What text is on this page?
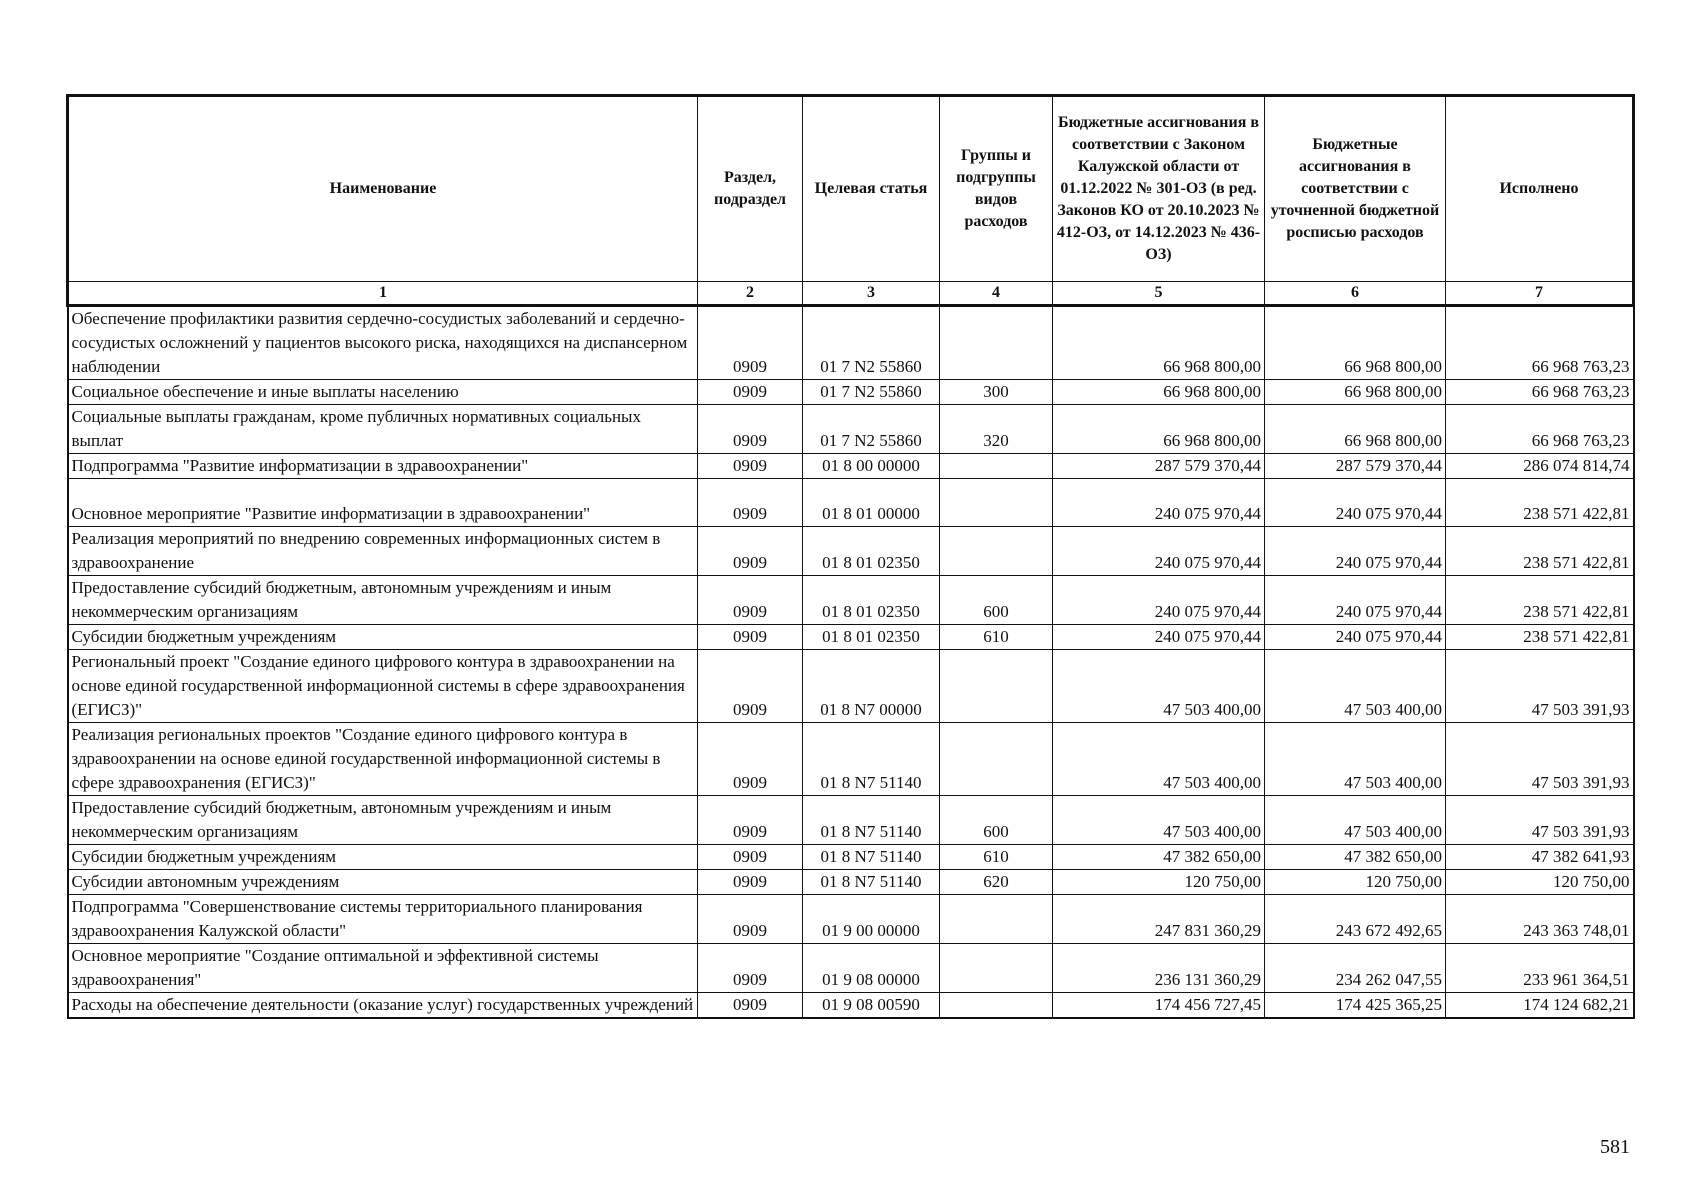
Наименование	Раздел, подраздел	Целевая статья	Группы и подгруппы видов расходов	Бюджетные ассигнования в соответствии с Законом Калужской области от 01.12.2022 № 301-ОЗ (в ред. Законов КО от 20.10.2023 № 412-ОЗ, от 14.12.2023 № 436-ОЗ)	Бюджетные ассигнования в соответствии с уточненной бюджетной росписью расходов	Исполнено
1	2	3	4	5	6	7
Обеспечение профилактики развития сердечно-сосудистых заболеваний и сердечно-сосудистых осложнений у пациентов высокого риска, находящихся на диспансерном наблюдении	0909	01 7 N2 55860		66 968 800,00	66 968 800,00	66 968 763,23
Социальное обеспечение и иные выплаты населению	0909	01 7 N2 55860	300	66 968 800,00	66 968 800,00	66 968 763,23
Социальные выплаты гражданам, кроме публичных нормативных социальных выплат	0909	01 7 N2 55860	320	66 968 800,00	66 968 800,00	66 968 763,23
Подпрограмма "Развитие информатизации в здравоохранении"	0909	01 8 00 00000		287 579 370,44	287 579 370,44	286 074 814,74
Основное мероприятие "Развитие информатизации в здравоохранении"	0909	01 8 01 00000		240 075 970,44	240 075 970,44	238 571 422,81
Реализация мероприятий по внедрению современных информационных систем в здравоохранение	0909	01 8 01 02350		240 075 970,44	240 075 970,44	238 571 422,81
Предоставление субсидий бюджетным, автономным учреждениям и иным некоммерческим организациям	0909	01 8 01 02350	600	240 075 970,44	240 075 970,44	238 571 422,81
Субсидии бюджетным учреждениям	0909	01 8 01 02350	610	240 075 970,44	240 075 970,44	238 571 422,81
Региональный проект "Создание единого цифрового контура в здравоохранении на основе единой государственной информационной системы в сфере здравоохранения (ЕГИСЗ)"	0909	01 8 N7 00000		47 503 400,00	47 503 400,00	47 503 391,93
Реализация региональных проектов "Создание единого цифрового контура в здравоохранении на основе единой государственной информационной системы в сфере здравоохранения (ЕГИСЗ)"	0909	01 8 N7 51140		47 503 400,00	47 503 400,00	47 503 391,93
Предоставление субсидий бюджетным, автономным учреждениям и иным некоммерческим организациям	0909	01 8 N7 51140	600	47 503 400,00	47 503 400,00	47 503 391,93
Субсидии бюджетным учреждениям	0909	01 8 N7 51140	610	47 382 650,00	47 382 650,00	47 382 641,93
Субсидии автономным учреждениям	0909	01 8 N7 51140	620	120 750,00	120 750,00	120 750,00
Подпрограмма "Совершенствование системы территориального планирования здравоохранения Калужской области"	0909	01 9 00 00000		247 831 360,29	243 672 492,65	243 363 748,01
Основное мероприятие "Создание оптимальной и эффективной системы здравоохранения"	0909	01 9 08 00000		236 131 360,29	234 262 047,55	233 961 364,51
Расходы на обеспечение деятельности (оказание услуг) государственных учреждений	0909	01 9 08 00590		174 456 727,45	174 425 365,25	174 124 682,21
581
